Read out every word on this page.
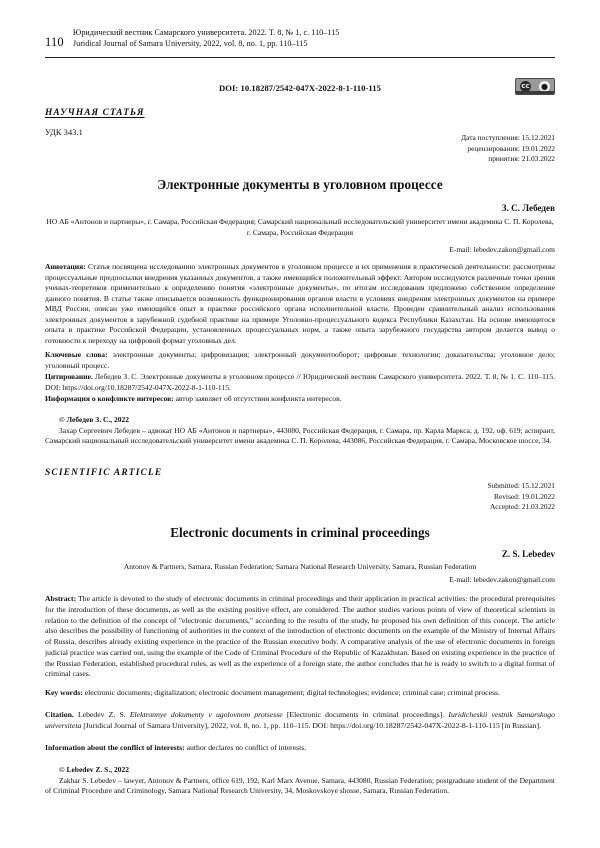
110
Юридический вестник Самарского университета. 2022. Т. 8, № 1, с. 110–115
Juridical Journal of Samara University, 2022, vol. 8, no. 1, pp. 110–115
DOI: 10.18287/2542-047X-2022-8-1-110-115	cc ●
НАУЧНАЯ СТАТЬЯ
УДК 343.1
Дата поступления: 15.12.2021
рецензирования: 19.01.2022
принятия: 21.03.2022
Электронные документы в уголовном процессе
З. С. Лебедев
НО АБ «Антонов и партнеры», г. Самара, Российская Федерация; Самарский национальный исследовательский университет имени академика С. П. Королева, г. Самара, Российская Федерация
E-mail: lebedev.zakon@gmail.com
Аннотация: Статья посвящена исследованию электронных документов в уголовном процессе и их применения в практической деятельности: рассмотрены процессуальные предпосылки внедрения указанных документов, а также имеющийся положительный эффект. Автором исследуются различные точки зрения ученых-теоретиков применительно к определению понятия «электронные документы», по итогам исследования предложено собственное определение данного понятия. В статье также описывается возможность функционирования органов власти в условиях внедрения электронных документов на примере МВД России, описан уже имеющийся опыт в практике российского органа исполнительной власти. Проведен сравнительный анализ использования электронных документов в зарубежной судебной практике на примере Уголовно-процессуального кодекса Республики Казахстан. На основе имеющегося опыта в практике Российской Федерации, установленных процессуальных норм, а также опыта зарубежного государства автором делается вывод о готовности к переходу на цифровой формат уголовных дел.
Ключевые слова: электронные документы; цифровизация; электронный документооборот; цифровые технологии; доказательства; уголовное дело; уголовный процесс.
Цитирование. Лебедев З. С. Электронные документы в уголовном процессе // Юридический вестник Самарского университета. 2022. Т. 8, № 1. С. 110–115. DOI: https://doi.org/10.18287/2542-047X-2022-8-1-110-115.
Информация о конфликте интересов: автор заявляет об отсутствии конфликта интересов.
© Лебедев З. С., 2022
Захар Сергеевич Лебедев – адвокат НО АБ «Антонов и партнеры», 443080, Российская Федерация, г. Самара, пр. Карла Маркса, д. 192, оф. 619; аспирант, Самарский национальный исследовательский университет имени академика С. П. Королева, 443086, Российская Федерация, г. Самара, Московское шоссе, 34.
SCIENTIFIC ARTICLE
Submitted: 15.12.2021
Revised: 19.01.2022
Accepted: 21.03.2022
Electronic documents in criminal proceedings
Z. S. Lebedev
Antonov & Partners, Samara, Russian Federation; Samara National Research University, Samara, Russian Federation
E-mail: lebedev.zakon@gmail.com
Abstract: The article is devoted to the study of electronic documents in criminal proceedings and their application in practical activities: the procedural prerequisites for the introduction of these documents, as well as the existing positive effect, are considered. The author studies various points of view of theoretical scientists in relation to the definition of the concept of "electronic documents," according to the results of the study, he proposed his own definition of this concept. The article also describes the possibility of functioning of authorities in the context of the introduction of electronic documents on the example of the Ministry of Internal Affairs of Russia, describes already existing experience in the practice of the Russian executive body. A comparative analysis of the use of electronic documents in foreign judicial practice was carried out, using the example of the Code of Criminal Procedure of the Republic of Kazakhstan. Based on existing experience in the practice of the Russian Federation, established procedural rules, as well as the experience of a foreign state, the author concludes that he is ready to switch to a digital format of criminal cases.
Key words: electronic documents; digitalization; electronic document management; digital technologies; evidence; criminal case; criminal process.
Citation. Lebedev Z. S. Elektronnye dokumenty v ugolovnom protsesse [Electronic documents in criminal proceedings]. Iuridicheskii vestnik Samarskogo universiteta [Juridical Journal of Samara University], 2022, vol. 8, no. 1, pp. 110–115. DOI: https://doi.org/10.18287/2542-047X-2022-8-1-110-115 [in Russian].
Information about the conflict of interests: author declares no conflict of interests.
© Lebedev Z. S., 2022
Zakhar S. Lebedev – lawyer, Antonov & Partners, office 619, 192, Karl Marx Avenue, Samara, 443080, Russian Federation; postgraduate student of the Department of Criminal Procedure and Criminology, Samara National Research University, 34, Moskovskoye shosse, Samara, Russian Federation.
